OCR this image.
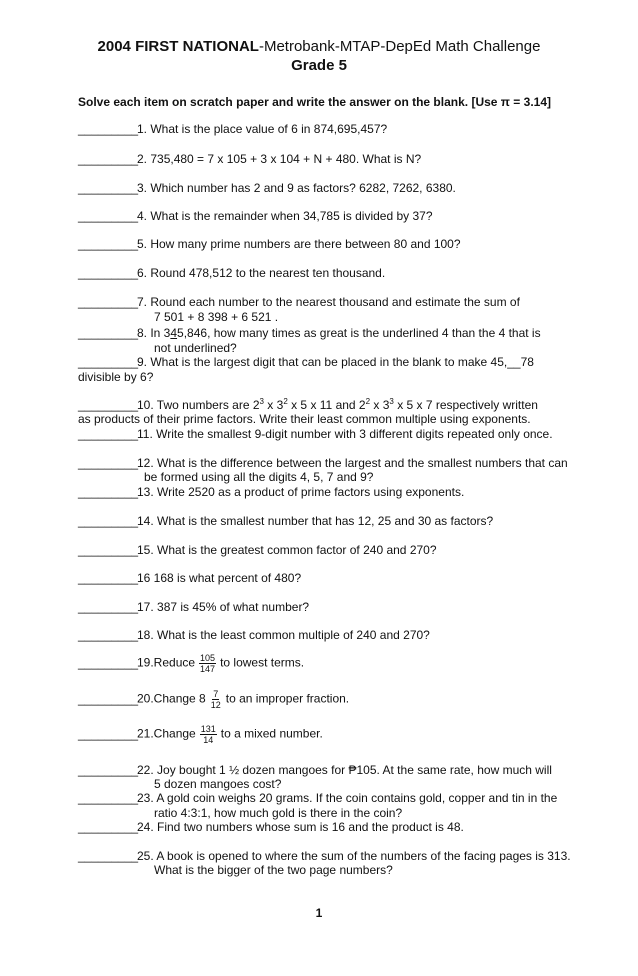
2004 FIRST NATIONAL-Metrobank-MTAP-DepEd Math Challenge
Grade 5
Solve each item on scratch paper and write the answer on the blank. [Use π = 3.14]
_________1. What is the place value of 6 in 874,695,457?
_________2. 735,480 = 7 x 105 + 3 x 104 + N + 480. What is N?
_________3. Which number has 2 and 9 as factors? 6282, 7262, 6380.
_________4. What is the remainder when 34,785 is divided by 37?
_________5. How many prime numbers are there between 80 and 100?
_________6. Round 478,512 to the nearest ten thousand.
_________7. Round each number to the nearest thousand and estimate the sum of
7 501 + 8 398 + 6 521 .
_________8. In 345,846, how many times as great is the underlined 4 than the 4 that is
not underlined?
_________9. What is the largest digit that can be placed in the blank to make 45,__78
divisible by 6?
_________10. Two numbers are $2^3$ x $3^2$ x 5 x 11 and $2^2$ x $3^3$ x 5 x 7 respectively written
as products of their prime factors. Write their least common multiple using exponents.
_________11. Write the smallest 9-digit number with 3 different digits repeated only once.
_________12. What is the difference between the largest and the smallest numbers that can
be formed using all the digits 4, 5, 7 and 9?
_________13. Write 2520 as a product of prime factors using exponents.
_________14. What is the smallest number that has 12, 25 and 30 as factors?
_________15. What is the greatest common factor of 240 and 270?
_________16 168 is what percent of 480?
_________17. 387 is 45% of what number?
_________18. What is the least common multiple of 240 and 270?
_________19.Reduce $\frac{105}{147}$ to lowest terms.
_________20.Change $8 \frac{7}{12}$ to an improper fraction.
_________21.Change $\frac{131}{14}$ to a mixed number.
_________22. Joy bought 1 ½ dozen mangoes for ₱105. At the same rate, how much will
5 dozen mangoes cost?
_________23. A gold coin weighs 20 grams. If the coin contains gold, copper and tin in the
ratio 4:3:1, how much gold is there in the coin?
_________24. Find two numbers whose sum is 16 and the product is 48.
_________25. A book is opened to where the sum of the numbers of the facing pages is 313.
What is the bigger of the two page numbers?
1
